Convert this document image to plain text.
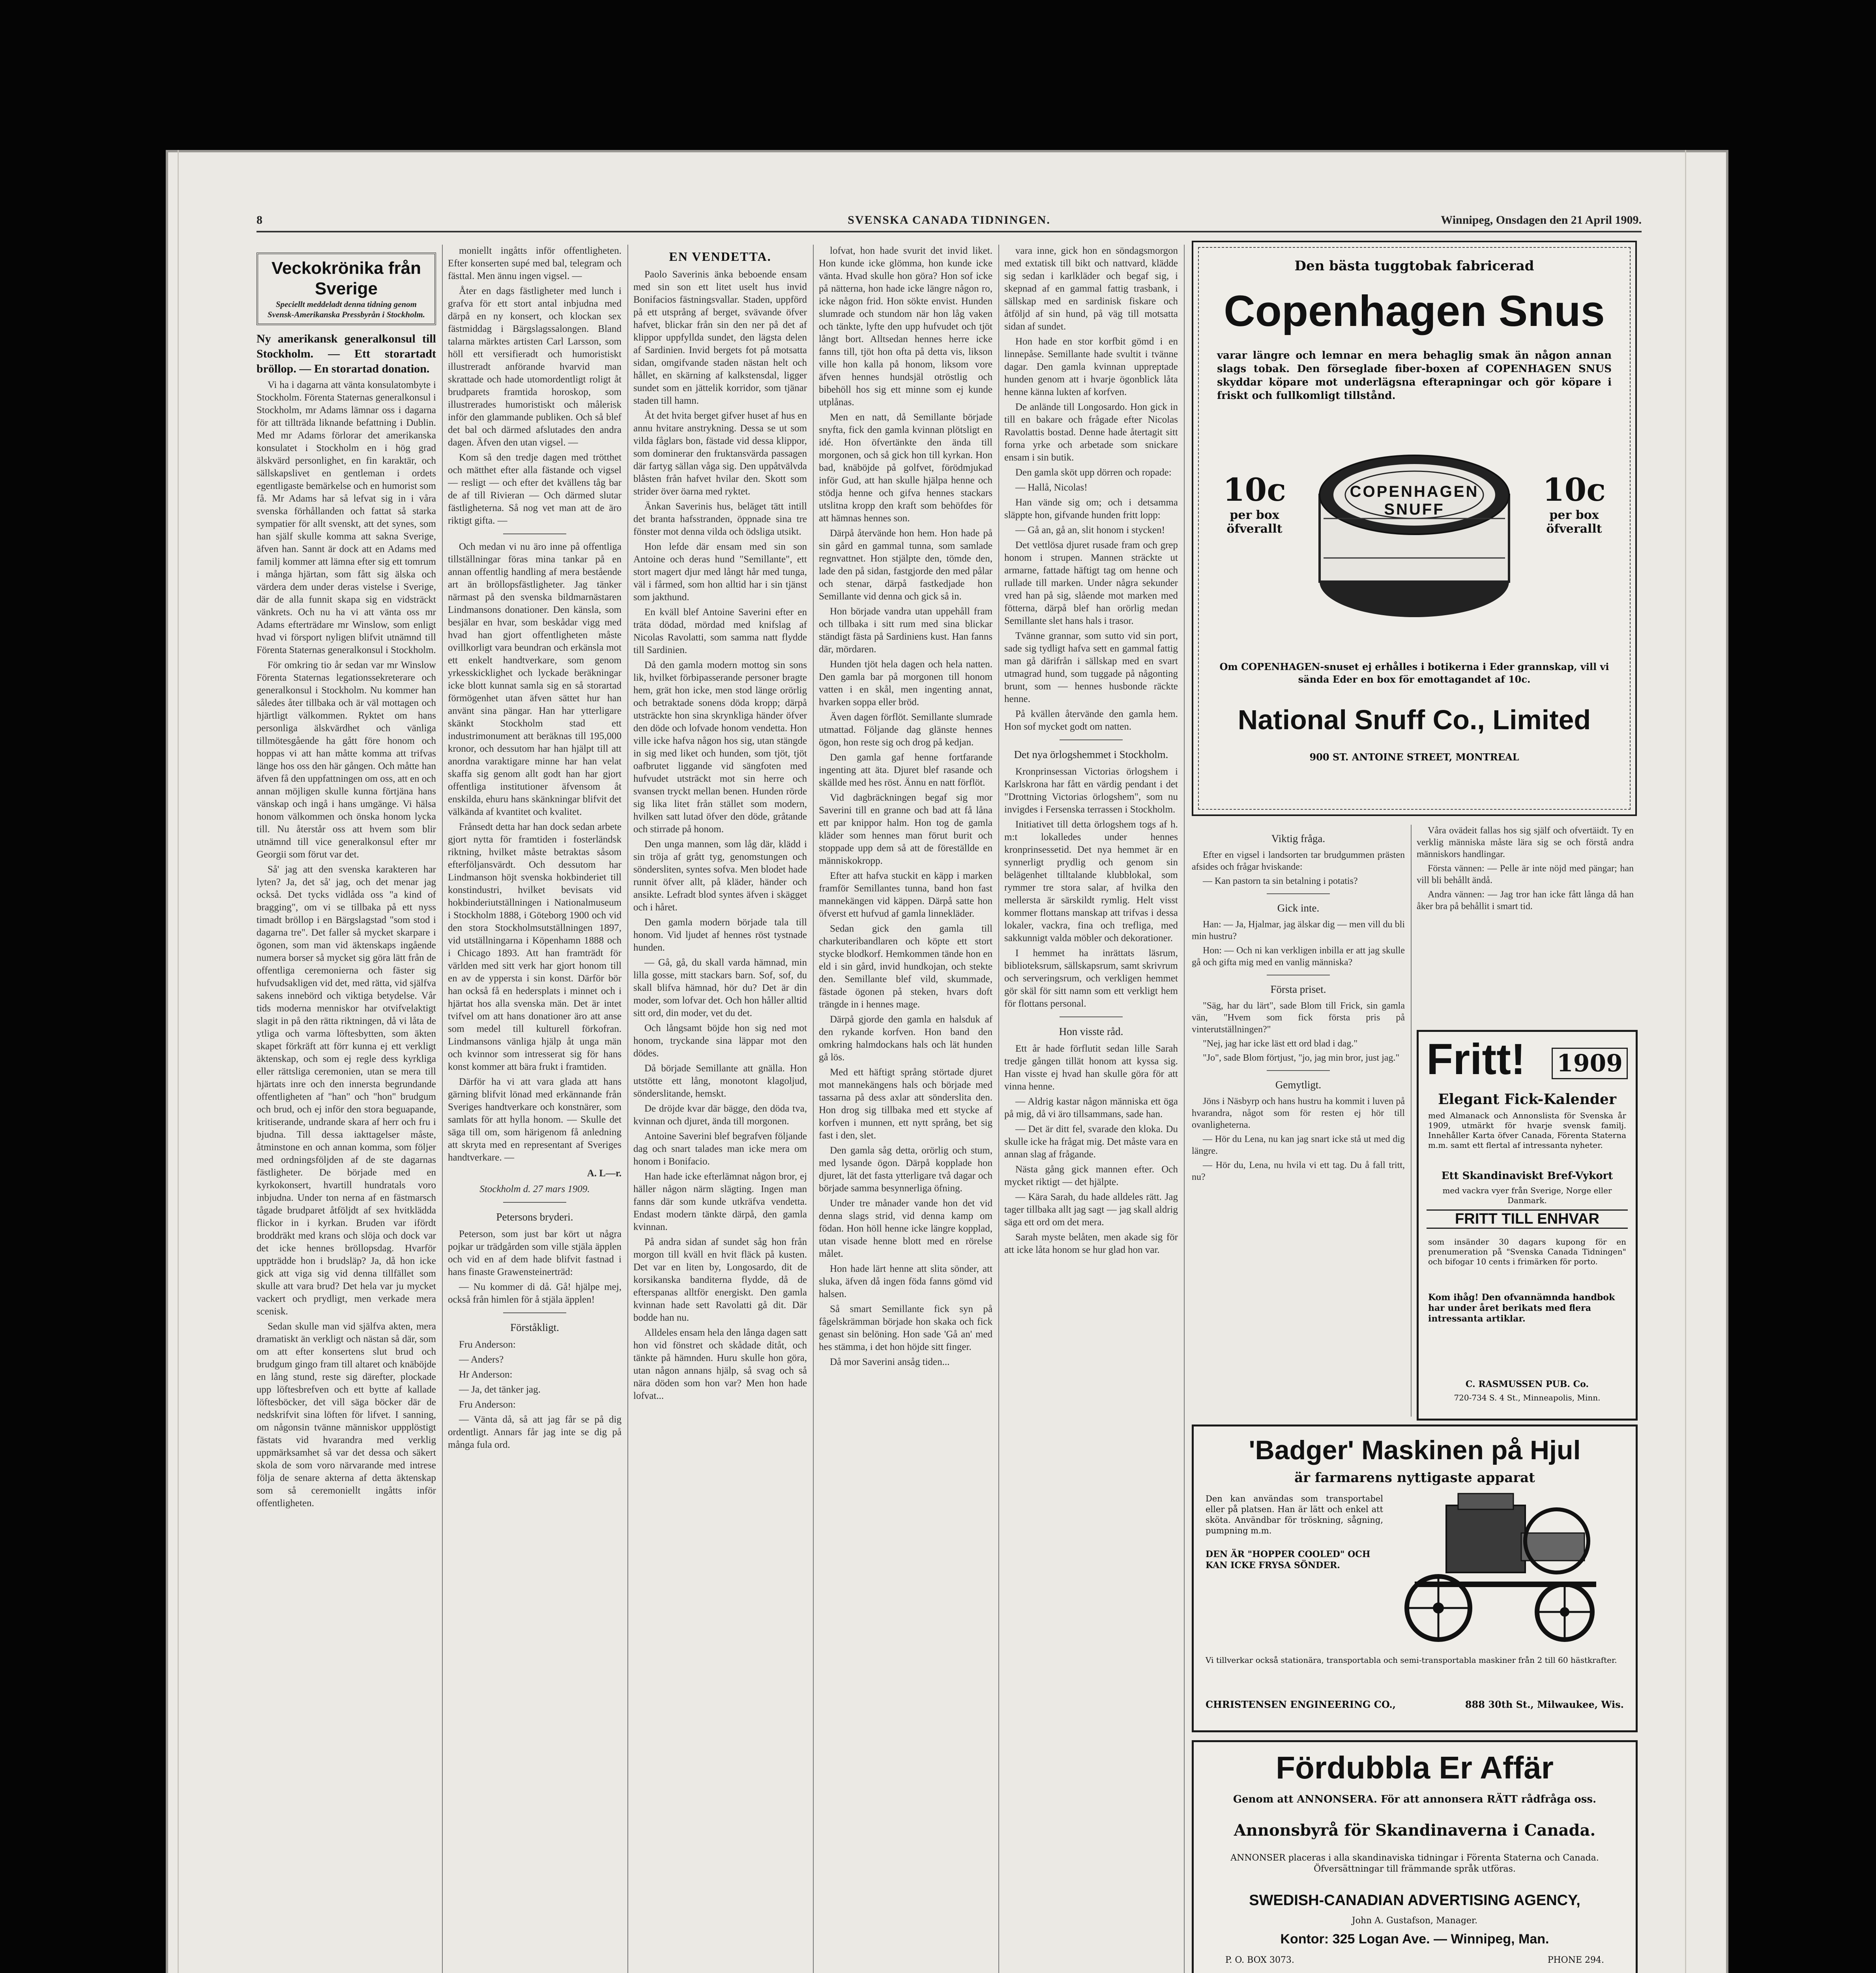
8	SVENSKA CANADA TIDNINGEN.	Winnipeg, Onsdagen den 21 April 1909.
Veckokrönika från Sverige
Speciellt meddeladt denna tidning genom Svensk-Amerikanska Pressbyrån i Stockholm.

Ny amerikansk generalkonsul till Stockholm. — Ett storartadt bröllop. — En storartad donation.

Vi ha i dagarna att vänta konsulatombyte i Stockholm. Förenta Staternas generalkonsul i Stockholm, mr Adams lämnar oss i dagarna för att tillträda liknande befattning i Dublin. Med mr Adams förlorar det amerikanska konsulatet i Stockholm en i hög grad älskvärd personlighet, en fin karaktär, och sällskapslivet en gentleman i ordets egentligaste bemärkelse och en humorist som få. Mr Adams har så lefvat sig in i våra svenska förhållanden och fattat så starka sympatier för allt svenskt, att det synes, som han själf skulle komma att sakna Sverige, äfven han. Sannt är dock att en Adams med familj kommer att lämna efter sig ett tomrum i många hjärtan, som fått sig älska och värdera dem under deras vistelse i Sverige, där de alla funnit skapa sig en vidsträckt vänkrets. Och nu ha vi att vänta oss mr Adams efterträdare mr Winslow, som enligt hvad vi försport nyligen blifvit utnämnd till Förenta Staternas generalkonsul i Stockholm.

För omkring tio år sedan var mr Winslow Förenta Staternas legationssekreterare och generalkonsul i Stockholm. Nu kommer han således åter tillbaka och är väl mottagen och hjärtligt välkommen. Ryktet om hans personliga älskvärdhet och vänliga tillmötesgående ha gått före honom och hoppas vi att han måtte komma att trifvas länge hos oss den här gången. Och måtte han äfven få den uppfattningen om oss, att en och annan möjligen skulle kunna förtjäna hans vänskap och ingå i hans umgänge. Vi hälsa honom välkommen och önska honom lycka till. Nu återstår oss att hvem som blir utnämnd till vice generalkonsul efter mr Georgii som förut var det.

Så' jag att den svenska karakteren har lyten? Ja, det så' jag, och det menar jag också. Det tycks vidlåda oss "a kind of bragging", om vi se tillbaka på ett nyss timadt bröllop i en Bärgslagstad "som stod i dagarna tre". Det faller så mycket skarpare i ögonen, som man vid äktenskaps ingående numera borser så mycket sig göra lätt från de offentliga ceremonierna och fäster sig hufvudsakligen vid det, med rätta, vid själfva sakens innebörd och viktiga betydelse. Vår tids moderna menniskor har otvifvelaktigt slagit in på den rätta riktningen, då vi låta de ytliga och varma löftesbytten, som äkten skapet förkräft att förr kunna ej ett verkligt äktenskap, och som ej regle dess kyrkliga eller rättsliga ceremonien, utan se mera till hjärtats inre och den innersta begrundande offentligheten af "han" och "hon" brudgum och brud, och ej inför den stora beguapande, kritiserande, undrande skara af herr och fru i bjudna. Till dessa iakttagelser måste, åtminstone en och annan komma, som följer med ordningsföljden af de ste dagarnas fästligheter. De började med en kyrkokonsert, hvartill hundratals voro inbjudna. Under ton nerna af en fästmarsch tågade brudparet åtföljdt af sex hvitklädda flickor in i kyrkan. Bruden var ifördt broddräkt med krans och slöja och dock var det icke hennes bröllopsdag. Hvarför uppträdde hon i brudsläp? Ja, då hon icke gick att viga sig vid denna tillfället som skulle att vara brud? Det hela var ju mycket vackert och prydligt, men verkade mera scenisk.

Sedan skulle man vid själfva akten, mera dramatiskt än verkligt och nästan så där, som om att efter konsertens slut brud och brudgum gingo fram till altaret och knäböjde en lång stund, reste sig därefter, plockade upp löftesbrefven och ett bytte af kallade löftesböcker, det vill säga böcker där de nedskrifvit sina löften för lifvet. I sanning, om någonsin tvänne människor uppplöstigt fästats vid hvarandra med verklig uppmärksamhet så var det dessa och säkert skola de som voro närvarande med intrese följa de senare akterna af detta äktenskap som så ceremoniellt ingåtts inför offentligheten.

moniellt ingåtts inför offentligheten. Efter konserten supé med bal, telegram och fästtal. Men ännu ingen vigsel. —

Åter en dags fästligheter med lunch i grafva för ett stort antal inbjudna med därpå en ny konsert, och klockan sex fästmiddag i Bärgslagssalongen. Bland talarna märktes artisten Carl Larsson, som höll ett versifieradt och humoristiskt illustreradt anförande hvarvid man skrattade och hade utomordentligt roligt åt brudparets framtida horoskop, som illustrerades humoristiskt och målerisk inför den glammande publiken. Och så blef det bal och därmed afslutades den andra dagen. Äfven den utan vigsel. —

Kom så den tredje dagen med trötthet och mätthet efter alla fästande och vigsel — resligt — och efter det kvällens tåg bar de af till Rivieran — Och därmed slutar fästligheterna. Så nog vet man att de äro riktigt gifta. —

Och medan vi nu äro inne på offentliga tillställningar föras mina tankar på en annan offentlig handling af mera bestående art än bröllopsfästligheter. Jag tänker närmast på den svenska bildmarnästaren Lindmansons donationer. Den känsla, som besjälar en hvar, som beskådar vigg med hvad han gjort offentligheten måste ovillkorligt vara beundran och erkänsla mot ett enkelt handtverkare, som genom yrkesskicklighet och lyckade beräkningar icke blott kunnat samla sig en så storartad förmögenhet utan äfven sättet hur han använt sina pängar. Han har ytterligare skänkt Stockholm stad ett industrimonument att beräknas till 195,000 kronor, och dessutom har han hjälpt till att anordna varaktigare minne har han velat skaffa sig genom allt godt han har gjort offentliga institutioner äfvensom åt enskilda, ehuru hans skänkningar blifvit det välkända af kvantitet och kvalitet.

Frånsedt detta har han dock sedan arbete gjort nytta för framtiden i fosterländsk riktning, hvilket måste betraktas såsom efterföljansvärdt. Och dessutom har Lindmanson höjt svenska hokbinderiet till konstindustri, hvilket bevisats vid hokbinderiutställningen i Nationalmuseum i Stockholm 1888, i Göteborg 1900 och vid den stora Stockholmsutställningen 1897, vid utställningarna i Köpenhamn 1888 och i Chicago 1893. Att han framträdt för världen med sitt verk har gjort honom till en av de yppersta i sin konst. Därför bör han också få en hedersplats i minnet och i hjärtat hos alla svenska män. Det är intet tvifvel om att hans donationer äro att anse som medel till kulturell förkofran. Lindmansons vänliga hjälp åt unga män och kvinnor som intresserat sig för hans konst kommer att bära frukt i framtiden.

Därför ha vi att vara glada att hans gärning blifvit lönad med erkännande från Sveriges handtverkare och konstnärer, som samlats för att hylla honom. — Skulle det säga till om, som härigenom få anledning att skryta med en representant af Sveriges handtverkare. —

A. L—r.
Stockholm d. 27 mars 1909.
Petersons bryderi.

Peterson, som just bar kört ut några pojkar ur trädgården som ville stjäla äpplen och vid en af dem hade blifvit fastnad i hans finaste Grawensteinerträd:

— Nu kommer di då. Gå! hjälpe mej, också från himlen för å stjäla äpplen!

Förståkligt.

Fru Anderson:

— Anders?

Hr Anderson:

— Ja, det tänker jag.

Fru Anderson:

— Vänta då, så att jag får se på dig ordentligt. Annars får jag inte se dig på många fula ord.

EN VENDETTA.

Paolo Saverinis änka beboende ensam med sin son ett litet uselt hus invid Bonifacios fästningsvallar. Staden, uppförd på ett utsprång af berget, svävande öfver hafvet, blickar från sin den ner på det af klippor uppfyllda sundet, den lägsta delen af Sardinien. Invid bergets fot på motsatta sidan, omgifvande staden nästan helt och hållet, en skärning af kalkstensdal, ligger sundet som en jättelik korridor, som tjänar staden till hamn.

Åt det hvita berget gifver huset af hus en annu hvitare anstrykning. Dessa se ut som vilda fåglars bon, fästade vid dessa klippor, som dominerar den fruktansvärda passagen där fartyg sällan våga sig. Den uppåtvälvda blåsten från hafvet hvilar den. Skott som strider över öarna med ryktet.

Änkan Saverinis hus, beläget tätt intill det branta hafsstranden, öppnade sina tre fönster mot denna vilda och ödsliga utsikt.

Hon lefde där ensam med sin son Antoine och deras hund "Semillante", ett stort magert djur med långt hår med tunga, väl i fårmed, som hon alltid har i sin tjänst som jakthund.

En kväll blef Antoine Saverini efter en träta dödad, mördad med knifslag af Nicolas Ravolatti, som samma natt flydde till Sardinien.

Då den gamla modern mottog sin sons lik, hvilket förbipasserande personer bragte hem, grät hon icke, men stod länge orörlig och betraktade sonens döda kropp; därpå utsträckte hon sina skrynkliga händer öfver den döde och lofvade honom vendetta. Hon ville icke hafva någon hos sig, utan stängde in sig med liket och hunden, som tjöt, tjöt oafbrutet liggande vid sängfoten med hufvudet utsträckt mot sin herre och svansen tryckt mellan benen. Hunden rörde sig lika litet från stället som modern, hvilken satt lutad öfver den döde, gråtande och stirrade på honom.

Den unga mannen, som låg där, klädd i sin tröja af grått tyg, genomstungen och söndersliten, syntes sofva. Men blodet hade runnit öfver allt, på kläder, händer och ansikte. Lefradt blod syntes äfven i skägget och i håret.

Den gamla modern började tala till honom. Vid ljudet af hennes röst tystnade hunden.

— Gå, gå, du skall varda hämnad, min lilla gosse, mitt stackars barn. Sof, sof, du skall blifva hämnad, hör du? Det är din moder, som lofvar det. Och hon håller alltid sitt ord, din moder, vet du det.

Och långsamt böjde hon sig ned mot honom, tryckande sina läppar mot den dödes.

Då började Semillante att gnälla. Hon utstötte ett lång, monotont klagoljud, sönderslitande, hemskt.

De dröjde kvar där bägge, den döda tva, kvinnan och djuret, ända till morgonen.

Antoine Saverini blef begrafven följande dag och snart talades man icke mera om honom i Bonifacio.

Han hade icke efterlämnat någon bror, ej häller någon närm slägting. Ingen man fanns där som kunde utkräfva vendetta. Endast modern tänkte därpå, den gamla kvinnan.

På andra sidan af sundet såg hon från morgon till kväll en hvit fläck på kusten. Det var en liten by, Longosardo, dit de korsikanska banditerna flydde, då de efterspanas alltför energiskt. Den gamla kvinnan hade sett Ravolatti gå dit. Där bodde han nu.

Alldeles ensam hela den långa dagen satt hon vid fönstret och skådade ditåt, och tänkte på hämnden. Huru skulle hon göra, utan någon annans hjälp, så svag och så nära döden som hon var? Men hon hade lofvat...

lofvat, hon hade svurit det invid liket. Hon kunde icke glömma, hon kunde icke vänta. Hvad skulle hon göra? Hon sof icke på nätterna, hon hade icke längre någon ro, icke någon frid. Hon sökte envist. Hunden slumrade och stundom när hon låg vaken och tänkte, lyfte den upp hufvudet och tjöt långt bort. Alltsedan hennes herre icke fanns till, tjöt hon ofta på detta vis, likson ville hon kalla på honom, liksom vore äfven hennes hundsjäl otröstlig och bibehöll hos sig ett minne som ej kunde utplånas.

Men en natt, då Semillante började snyfta, fick den gamla kvinnan plötsligt en idé. Hon öfvertänkte den ända till morgonen, och så gick hon till kyrkan. Hon bad, knäböjde på golfvet, förödmjukad inför Gud, att han skulle hjälpa henne och stödja henne och gifva hennes stackars utslitna kropp den kraft som behöfdes för att hämnas hennes son.

Därpå återvände hon hem. Hon hade på sin gård en gammal tunna, som samlade regnvattnet. Hon stjälpte den, tömde den, lade den på sidan, fastgjorde den med pålar och stenar, därpå fastkedjade hon Semillante vid denna och gick så in.

Hon började vandra utan uppehåll fram och tillbaka i sitt rum med sina blickar ständigt fästa på Sardiniens kust. Han fanns där, mördaren.

Hunden tjöt hela dagen och hela natten. Den gamla bar på morgonen till honom vatten i en skål, men ingenting annat, hvarken soppa eller bröd.

Även dagen förflöt. Semillante slumrade utmattad. Följande dag glänste hennes ögon, hon reste sig och drog på kedjan.

Den gamla gaf henne fortfarande ingenting att äta. Djuret blef rasande och skällde med hes röst. Ännu en natt förflöt.

Vid dagbräckningen begaf sig mor Saverini till en granne och bad att få låna ett par knippor halm. Hon tog de gamla kläder som hennes man förut burit och stoppade upp dem så att de föreställde en människokropp.

Efter att hafva stuckit en käpp i marken framför Semillantes tunna, band hon fast mannekängen vid käppen. Därpå satte hon öfverst ett hufvud af gamla linnekläder.

Sedan gick den gamla till charkuteribandlaren och köpte ett stort stycke blodkorf. Hemkommen tände hon en eld i sin gård, invid hundkojan, och stekte den. Semillante blef vild, skummade, fästade ögonen på steken, hvars doft trängde in i hennes mage.

Därpå gjorde den gamla en halsduk af den rykande korfven. Hon band den omkring halmdockans hals och lät hunden gå lös.

Med ett häftigt språng störtade djuret mot mannekängens hals och började med tassarna på dess axlar att sönderslita den. Hon drog sig tillbaka med ett stycke af korfven i munnen, ett nytt språng, bet sig fast i den, slet.

Den gamla såg detta, orörlig och stum, med lysande ögon. Därpå kopplade hon djuret, lät det fasta ytterligare två dagar och började samma besynnerliga öfning.

Under tre månader vande hon det vid denna slags strid, vid denna kamp om födan. Hon höll henne icke längre kopplad, utan visade henne blott med en rörelse målet.

Hon hade lärt henne att slita sönder, att sluka, äfven då ingen föda fanns gömd vid halsen.

Så smart Semillante fick syn på fågelskrämman började hon skaka och fick genast sin belöning. Hon sade 'Gå an' med hes stämma, i det hon höjde sitt finger.

Då mor Saverini ansåg tiden...

vara inne, gick hon en söndagsmorgon med extatisk till bikt och nattvard, klädde sig sedan i karlkläder och begaf sig, i skepnad af en gammal fattig trasbank, i sällskap med en sardinisk fiskare och åtföljd af sin hund, på väg till motsatta sidan af sundet.

Hon hade en stor korfbit gömd i en linnepåse. Semillante hade svultit i tvänne dagar. Den gamla kvinnan uppreptade hunden genom att i hvarje ögonblick låta henne känna lukten af korfven.

De anlände till Longosardo. Hon gick in till en bakare och frågade efter Nicolas Ravolattis bostad. Denne hade återtagit sitt forna yrke och arbetade som snickare ensam i sin butik.

Den gamla sköt upp dörren och ropade:

— Hallå, Nicolas!

Han vände sig om; och i detsamma släppte hon, gifvande hunden fritt lopp:

— Gå an, gå an, slit honom i stycken!

Det vettlösa djuret rusade fram och grep honom i strupen. Mannen sträckte ut armarne, fattade häftigt tag om henne och rullade till marken. Under några sekunder vred han på sig, slående mot marken med fötterna, därpå blef han orörlig medan Semillante slet hans hals i trasor.

Tvänne grannar, som sutto vid sin port, sade sig tydligt hafva sett en gammal fattig man gå därifrån i sällskap med en svart utmagrad hund, som tuggade på någonting brunt, som — hennes husbonde räckte henne.

På kvällen återvände den gamla hem. Hon sof mycket godt om natten.

Det nya örlogshemmet i Stockholm.

Kronprinsessan Victorias örlogshem i Karlskrona har fått en värdig pendant i det "Drottning Victorias örlogshem", som nu invigdes i Fersenska terrassen i Stockholm.

Initiativet till detta örlogshem togs af h. m:t lokalledes under hennes kronprinsessetid. Det nya hemmet är en synnerligt prydlig och genom sin belägenhet tilltalande klubblokal, som rymmer tre stora salar, af hvilka den mellersta är särskildt rymlig. Helt visst kommer flottans manskap att trifvas i dessa lokaler, vackra, fina och trefliga, med sakkunnigt valda möbler och dekorationer.

I hemmet ha inrättats läsrum, biblioteksrum, sällskapsrum, samt skrivrum och serveringsrum, och verkligen hemmet gör skäl för sitt namn som ett verkligt hem för flottans personal.

Hon visste råd.

Ett år hade förflutit sedan lille Sarah tredje gången tillät honom att kyssa sig. Han visste ej hvad han skulle göra för att vinna henne.

— Aldrig kastar någon människa ett öga på mig, då vi äro tillsammans, sade han.

— Det är ditt fel, svarade den kloka. Du skulle icke ha frågat mig. Det måste vara en annan slag af frågande.

Nästa gång gick mannen efter. Och mycket riktigt — det hjälpte.

— Kära Sarah, du hade alldeles rätt. Jag tager tillbaka allt jag sagt — jag skall aldrig säga ett ord om det mera.

Sarah myste belåten, men akade sig för att icke låta honom se hur glad hon var.

Den bästa tuggtobak fabricerad
Copenhagen Snus
varar längre och lemnar en mera behaglig smak än någon annan slags tobak. Den förseglade fiber-boxen af COPENHAGEN SNUS skyddar köpare mot underlägsna efterapningar och gör köpare i friskt och fullkomligt tillstånd.
10c
per box
öfverallt
10c
per box
öfverallt
COPENHAGEN SNUFF
Om COPENHAGEN-snuset ej erhålles i botikerna i Eder grannskap, vill vi sända Eder en box för emottagandet af 10c.
National Snuff Co., Limited
900 ST. ANTOINE STREET, MONTREAL
Viktig fråga.

Efter en vigsel i landsorten tar brudgummen prästen afsides och frågar hviskande:

— Kan pastorn ta sin betalning i potatis?

Gick inte.

Han: — Ja, Hjalmar, jag älskar dig — men vill du bli min hustru?

Hon: — Och ni kan verkligen inbilla er att jag skulle gå och gifta mig med en vanlig människa?

Första priset.

"Säg, har du lärt", sade Blom till Frick, sin gamla vän, "Hvem som fick första pris på vinterutställningen?"

"Nej, jag har icke läst ett ord blad i dag."

"Jo", sade Blom förtjust, "jo, jag min bror, just jag."

Gemytligt.

Jöns i Näsbyrp och hans hustru ha kommit i luven på hvarandra, något som för resten ej hör till ovanligheterna.

— Hör du Lena, nu kan jag snart icke stå ut med dig längre.

— Hör du, Lena, nu hvila vi ett tag. Du å fall tritt, nu?

Våra ovädeit fallas hos sig själf och ofvertäidt. Ty en verklig människa måste lära sig se och förstå andra människors handlingar.

Första vännen: — Pelle är inte nöjd med pängar; han vill bli behållt ändå.

Andra vännen: — Jag tror han icke fått långa då han åker bra på behållit i smart tid.

Fritt! 1909
Elegant Fick-Kalender
med Almanack och Annonslista för Svenska år 1909, utmärkt för hvarje svensk familj. Innehåller Karta öfver Canada, Förenta Staterna m.m. samt ett flertal af intressanta nyheter.
Ett Skandinaviskt Bref-Vykort
med vackra vyer från Sverige, Norge eller Danmark.
FRITT TILL ENHVAR
som insänder 30 dagars kupong för en prenumeration på "Svenska Canada Tidningen" och bifogar 10 cents i frimärken för porto.
Kom ihåg! Den ofvannämnda handbok har under året berikats med flera intressanta artiklar.
C. RASMUSSEN PUB. Co.
720-734 S. 4 St., Minneapolis, Minn.
'Badger' Maskinen på Hjul
är farmarens nyttigaste apparat
Den kan användas som transportabel eller på platsen. Han är lätt och enkel att sköta. Användbar för tröskning, sågning, pumpning m.m.
DEN ÄR "HOPPER COOLED" OCH KAN ICKE FRYSA SÖNDER.
Vi tillverkar också stationära, transportabla och semi-transportabla maskiner från 2 till 60 hästkrafter.
CHRISTENSEN ENGINEERING CO.,	888 30th St., Milwaukee, Wis.
Fördubbla Er Affär
Genom att ANNONSERA. För att annonsera RÄTT rådfråga oss.
Annonsbyrå för Skandinaverna i Canada.
ANNONSER placeras i alla skandinaviska tidningar i Förenta Staterna och Canada. Öfversättningar till främmande språk utföras.
SWEDISH-CANADIAN ADVERTISING AGENCY,
John A. Gustafson, Manager.
Kontor: 325 Logan Ave. — Winnipeg, Man.
P. O. BOX 3073.	PHONE 294.
